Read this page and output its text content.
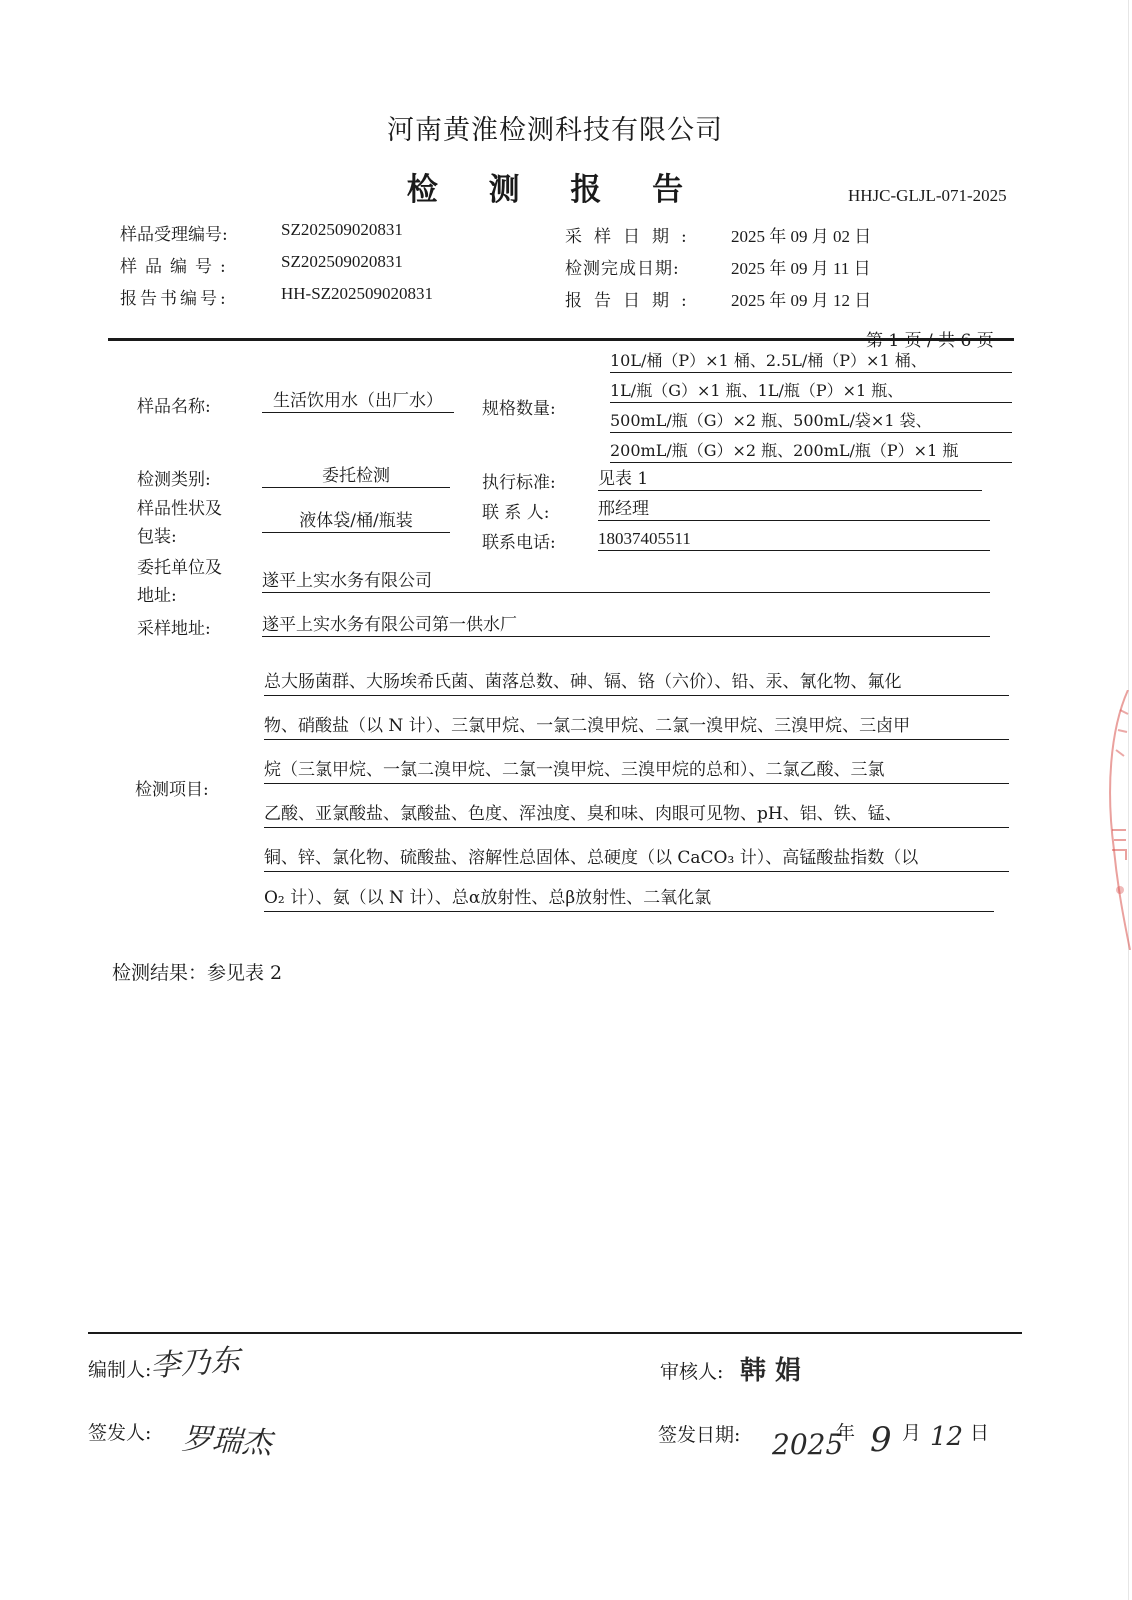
河南黄淮检测科技有限公司
检 测 报 告	HHJC-GLJL-071-2025
样品受理编号:	SZ202509020831
样品编号:	SZ202509020831
报告书编号:	HH-SZ202509020831
采样日期: 2025 年 09 月 02 日
检测完成日期:	2025 年 09 月 11 日
报告日期: 2025 年 09 月 12 日
第 1 页 / 共 6 页
样品名称:	生活饮用水（出厂水）	规格数量:
10L/桶（P）×1 桶、2.5L/桶（P）×1 桶、
1L/瓶（G）×1 瓶、1L/瓶（P）×1 瓶、
500mL/瓶（G）×2 瓶、500mL/袋×1 袋、
200mL/瓶（G）×2 瓶、200mL/瓶（P）×1 瓶
检测类别:	委托检测	执行标准: 见表 1
样品性状及
包装:
液体袋/桶/瓶装	联 系 人:	邢经理
联系电话: 18037405511
委托单位及
地址:
遂平上实水务有限公司
采样地址:	遂平上实水务有限公司第一供水厂
检测项目:
总大肠菌群、大肠埃希氏菌、菌落总数、砷、镉、铬（六价）、铅、汞、氰化物、氟化
物、硝酸盐（以 N 计）、三氯甲烷、一氯二溴甲烷、二氯一溴甲烷、三溴甲烷、三卤甲
烷（三氯甲烷、一氯二溴甲烷、二氯一溴甲烷、三溴甲烷的总和）、二氯乙酸、三氯
乙酸、亚氯酸盐、氯酸盐、色度、浑浊度、臭和味、肉眼可见物、pH、铝、铁、锰、
铜、锌、氯化物、硫酸盐、溶解性总固体、总硬度（以 CaCO₃ 计）、高锰酸盐指数（以
O₂ 计）、氨（以 N 计）、总α放射性、总β放射性、二氧化氯
检测结果：参见表 2
编制人:
李乃东	审核人: 韩 娟
签发人: 罗瑞杰	签发日期: 2025
年 9 月 12 日
